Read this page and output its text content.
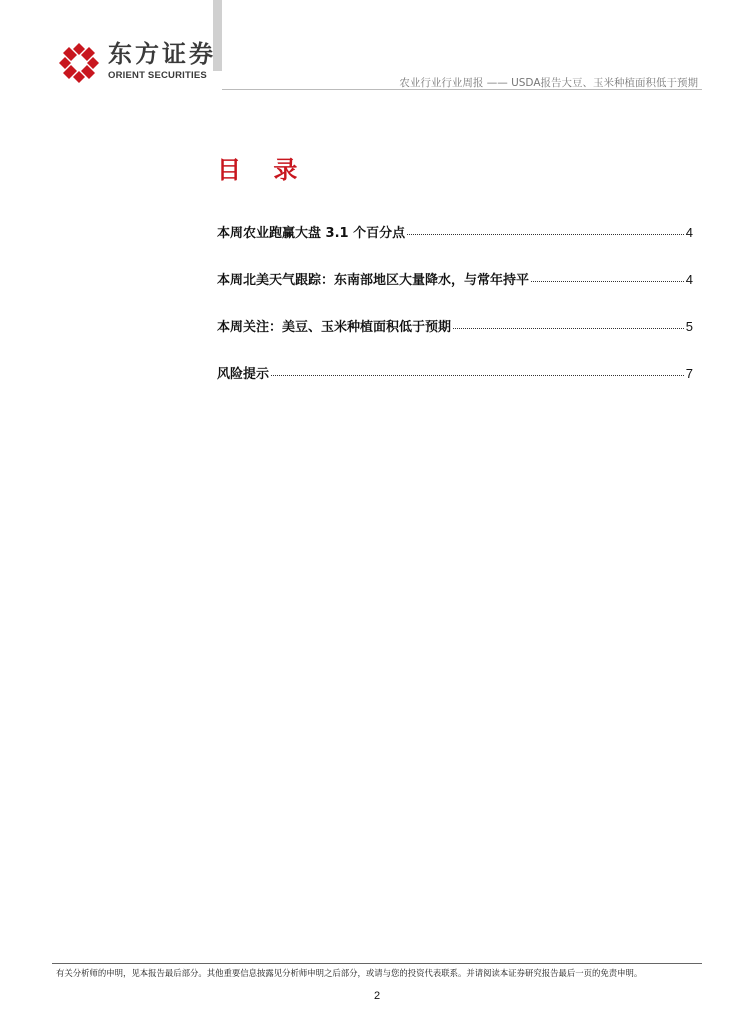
东方证券
ORIENT SECURITIES
农业行业行业周报 —— USDA报告大豆、玉米种植面积低于预期
目 录
本周农业跑赢大盘 3.1 个百分点	4
本周北美天气跟踪：东南部地区大量降水，与常年持平	4
本周关注：美豆、玉米种植面积低于预期	5
风险提示	7
有关分析师的申明，见本报告最后部分。其他重要信息披露见分析师申明之后部分，或请与您的投资代表联系。并请阅读本证券研究报告最后一页的免责申明。
2
